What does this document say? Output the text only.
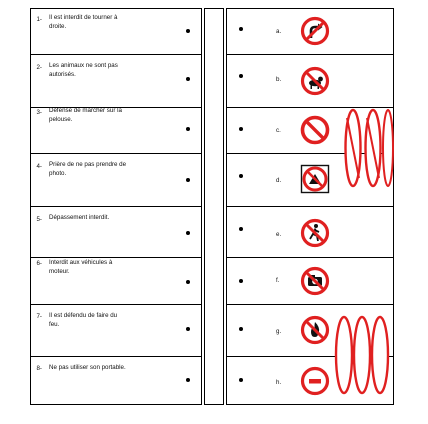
1- Il est interdit de tourner à droite.
a.
2- Les animaux ne sont pas autorisés.
b.
3- Défense de marcher sur la pelouse.
c.
4- Prière de ne pas prendre de photo.
d.
5- Dépassement interdit.
e.
6- Interdit aux véhicules à moteur.
f.
7- Il est défendu de faire du feu.
g.
8- Ne pas utiliser son portable.
h.
